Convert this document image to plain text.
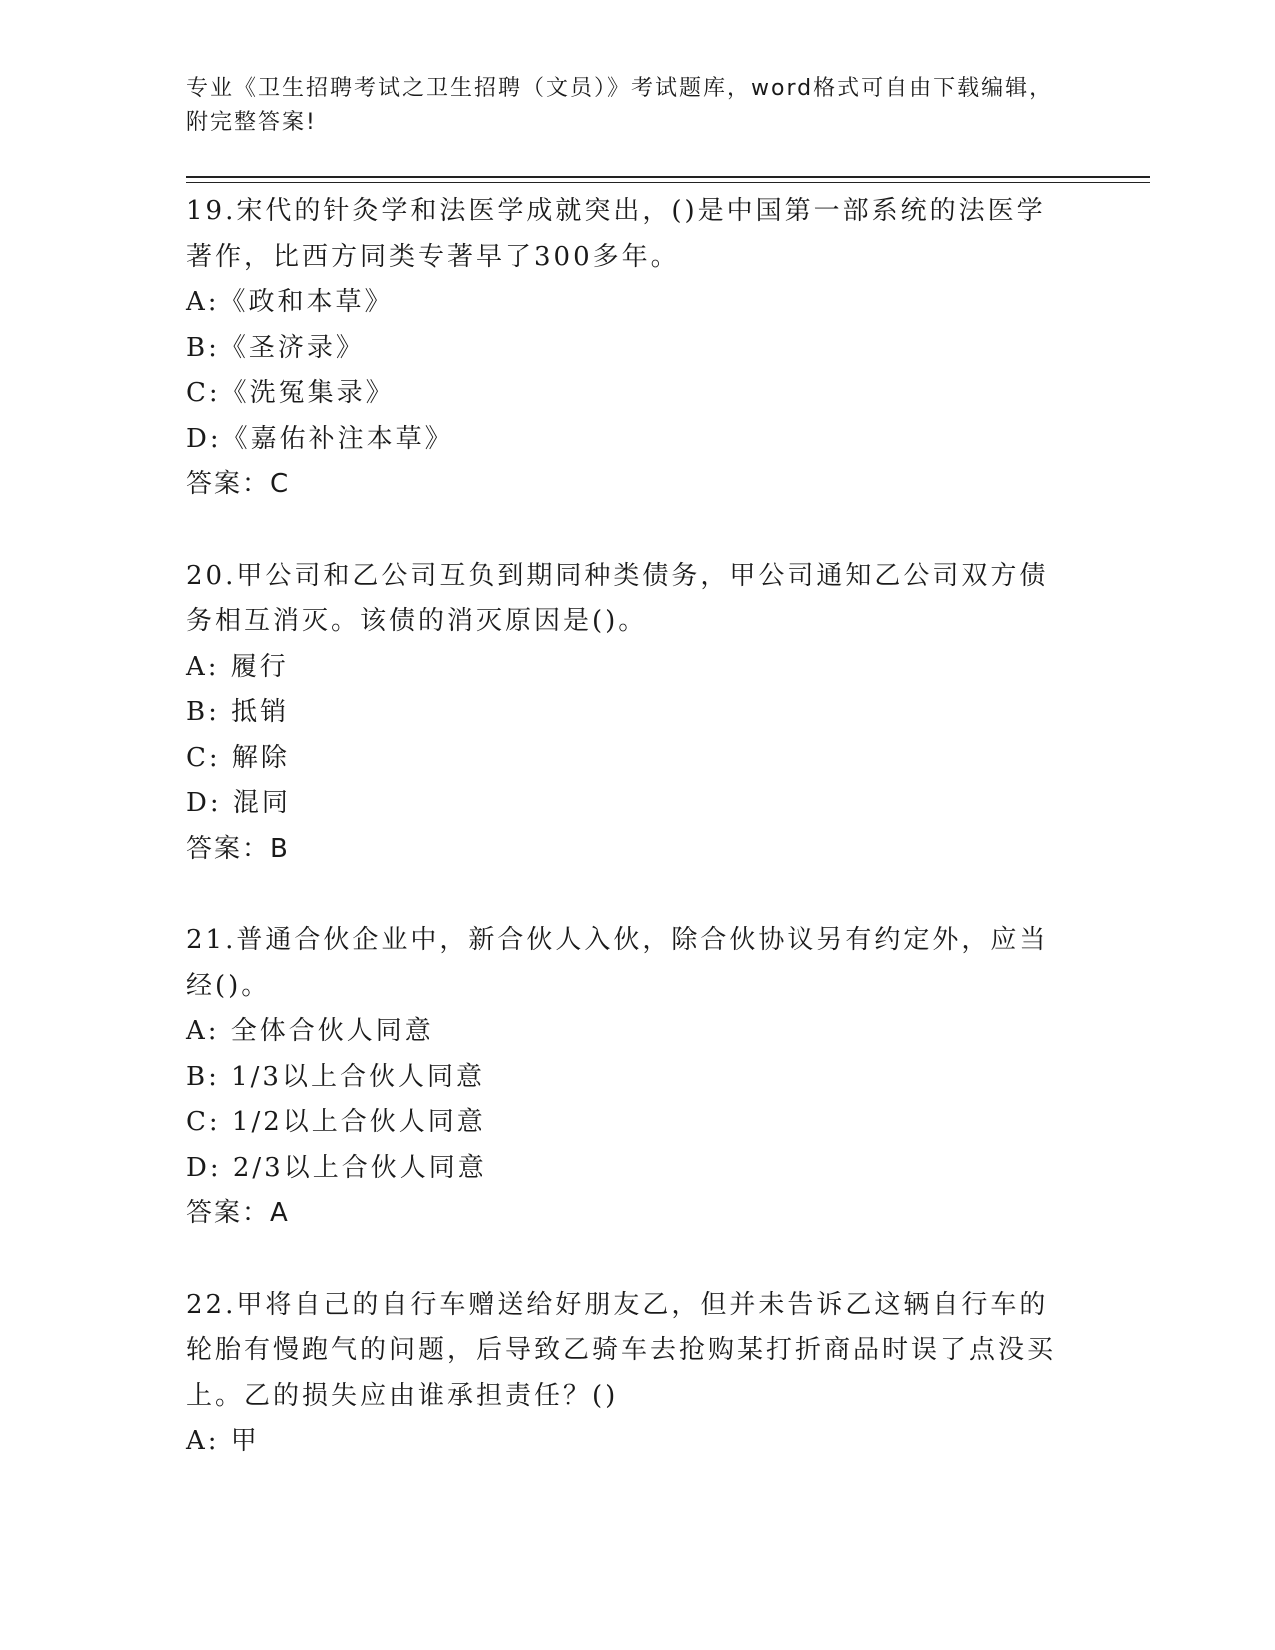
专业《卫生招聘考试之卫生招聘（文员）》考试题库，word格式可自由下载编辑，附完整答案!
19.宋代的针灸学和法医学成就突出，()是中国第一部系统的法医学著作，比西方同类专著早了300多年。
A:《政和本草》
B:《圣济录》
C:《洗冤集录》
D:《嘉佑补注本草》
答案：C
20.甲公司和乙公司互负到期同种类债务，甲公司通知乙公司双方债务相互消灭。该债的消灭原因是()。
A: 履行
B: 抵销
C: 解除
D: 混同
答案：B
21.普通合伙企业中，新合伙人入伙，除合伙协议另有约定外，应当经()。
A: 全体合伙人同意
B: 1/3以上合伙人同意
C: 1/2以上合伙人同意
D: 2/3以上合伙人同意
答案：A
22.甲将自己的自行车赠送给好朋友乙，但并未告诉乙这辆自行车的轮胎有慢跑气的问题，后导致乙骑车去抢购某打折商品时误了点没买上。乙的损失应由谁承担责任？()
A: 甲
